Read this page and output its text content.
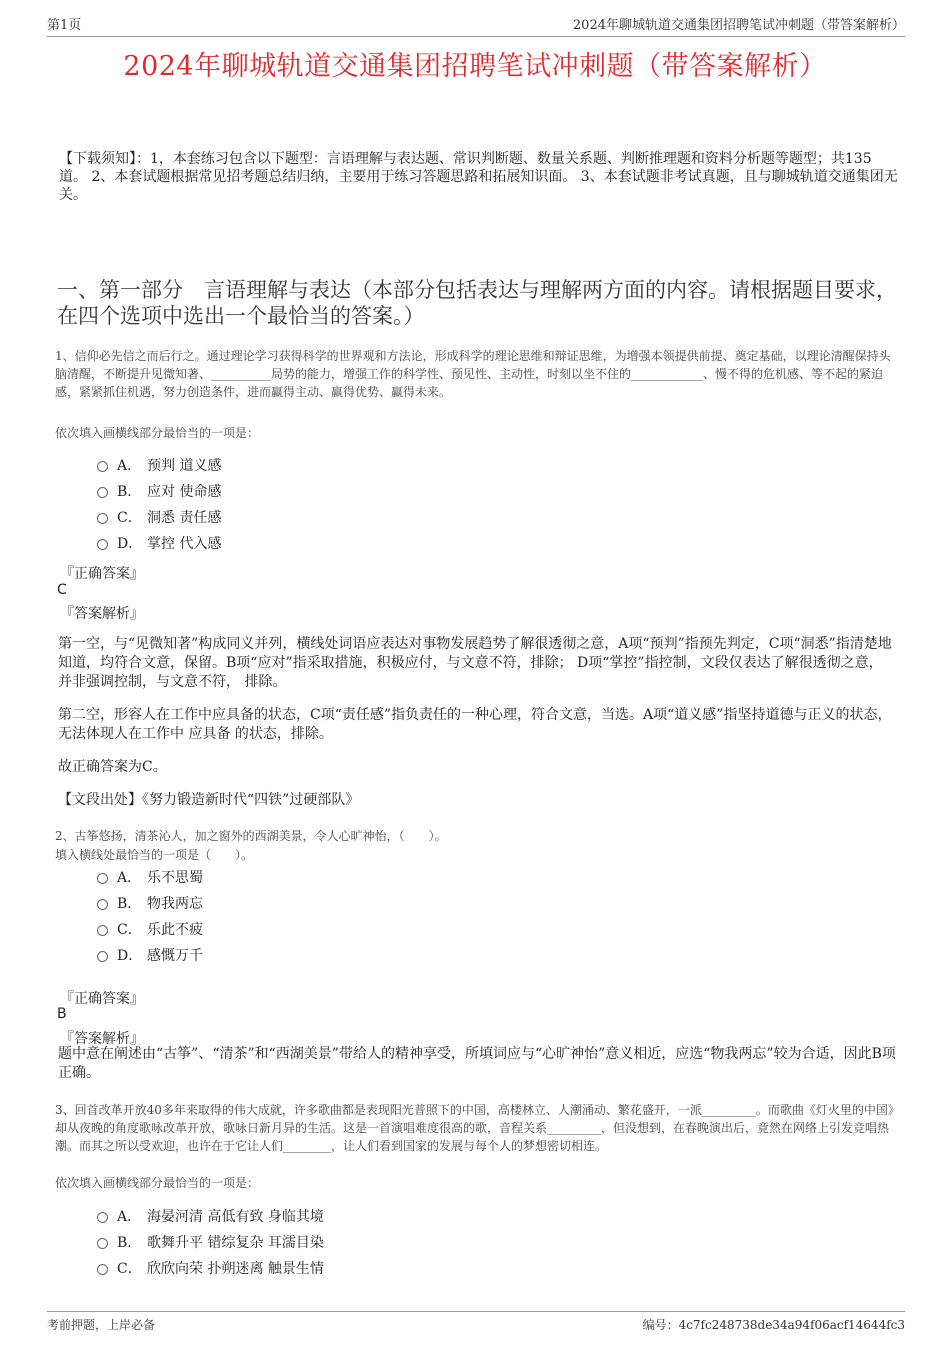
第1页	2024年聊城轨道交通集团招聘笔试冲刺题（带答案解析）
2024年聊城轨道交通集团招聘笔试冲刺题（带答案解析）
【下载须知】：1，本套练习包含以下题型：言语理解与表达题、常识判断题、数量关系题、判断推理题和资料分析题等题型；共135道。 2、本套试题根据常见招考题总结归纳，主要用于练习答题思路和拓展知识面。 3、本套试题非考试真题，且与聊城轨道交通集团无关。
一、第一部分　言语理解与表达（本部分包括表达与理解两方面的内容。请根据题目要求，在四个选项中选出一个最恰当的答案。）
1、信仰必先信之而后行之。通过理论学习获得科学的世界观和方法论，形成科学的理论思维和辩证思维，为增强本领提供前提、奠定基础，以理论清醒保持头脑清醒，不断提升见微知著、__________局势的能力，增强工作的科学性、预见性、主动性，时刻以坐不住的____________、慢不得的危机感、等不起的紧迫感，紧紧抓住机遇，努力创造条件，进而赢得主动、赢得优势、赢得未来。
依次填入画横线部分最恰当的一项是：
A． 预判 道义感
B． 应对 使命感
C． 洞悉 责任感
D． 掌控 代入感
『正确答案』
C
『答案解析』
第一空，与“见微知著”构成同义并列，横线处词语应表达对事物发展趋势了解很透彻之意，A项“预判”指预先判定，C项“洞悉”指清楚地知道，均符合文意，保留。B项“应对”指采取措施，积极应付，与文意不符，排除； D项“掌控”指控制，文段仅表达了解很透彻之意，并非强调控制，与文意不符， 排除。
第二空，形容人在工作中应具备的状态，C项“责任感”指负责任的一种心理，符合文意，当选。A项“道义感”指坚持道德与正义的状态，无法体现人在工作中 应具备 的状态，排除。
故正确答案为C。
【文段出处】《努力锻造新时代“四铁”过硬部队》
2、古筝悠扬，清茶沁人，加之窗外的西湖美景，令人心旷神怡，（　　）。
填入横线处最恰当的一项是（　　）。
A． 乐不思蜀
B． 物我两忘
C． 乐此不疲
D． 感慨万千
『正确答案』
B
『答案解析』
题中意在阐述由“古筝”、“清茶”和“西湖美景”带给人的精神享受，所填词应与“心旷神怡”意义相近，应选“物我两忘”较为合适，因此B项正确。
3、回首改革开放40多年来取得的伟大成就，许多歌曲都是表现阳光普照下的中国，高楼林立、人潮涌动、繁花盛开，一派_________。而歌曲《灯火里的中国》却从夜晚的角度歌咏改革开放，歌咏日新月异的生活。这是一首演唱难度很高的歌，音程关系_________，但没想到，在春晚演出后，竟然在网络上引发竞唱热潮。而其之所以受欢迎，也许在于它让人们________，让人们看到国家的发展与每个人的梦想密切相连。
依次填入画横线部分最恰当的一项是：
A． 海晏河清 高低有致 身临其境
B． 歌舞升平 错综复杂 耳濡目染
C． 欣欣向荣 扑朔迷离 触景生情
考前押题，上岸必备	编号：4c7fc248738de34a94f06acf14644fc3
